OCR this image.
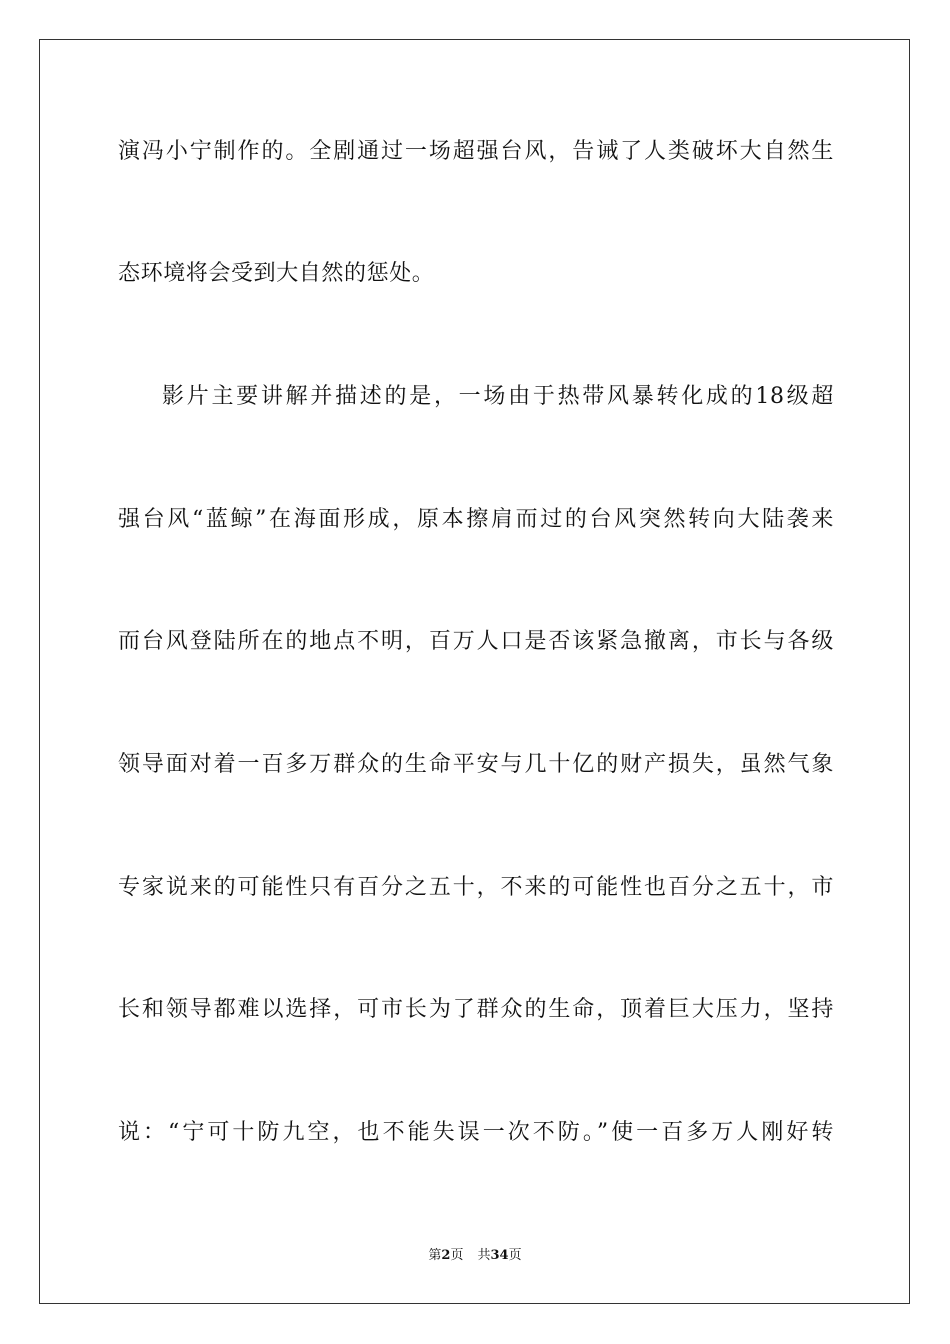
演冯小宁制作的。全剧通过一场超强台风，告诫了人类破坏大自然生
态环境将会受到大自然的惩处。
影片主要讲解并描述的是，一场由于热带风暴转化成的18级超
强台风“蓝鲸”在海面形成，原本擦肩而过的台风突然转向大陆袭来
而台风登陆所在的地点不明，百万人口是否该紧急撤离，市长与各级
领导面对着一百多万群众的生命平安与几十亿的财产损失，虽然气象
专家说来的可能性只有百分之五十，不来的可能性也百分之五十，市
长和领导都难以选择，可市长为了群众的生命，顶着巨大压力，坚持
说：“宁可十防九空，也不能失误一次不防。”使一百多万人刚好转
第2页 共34页
